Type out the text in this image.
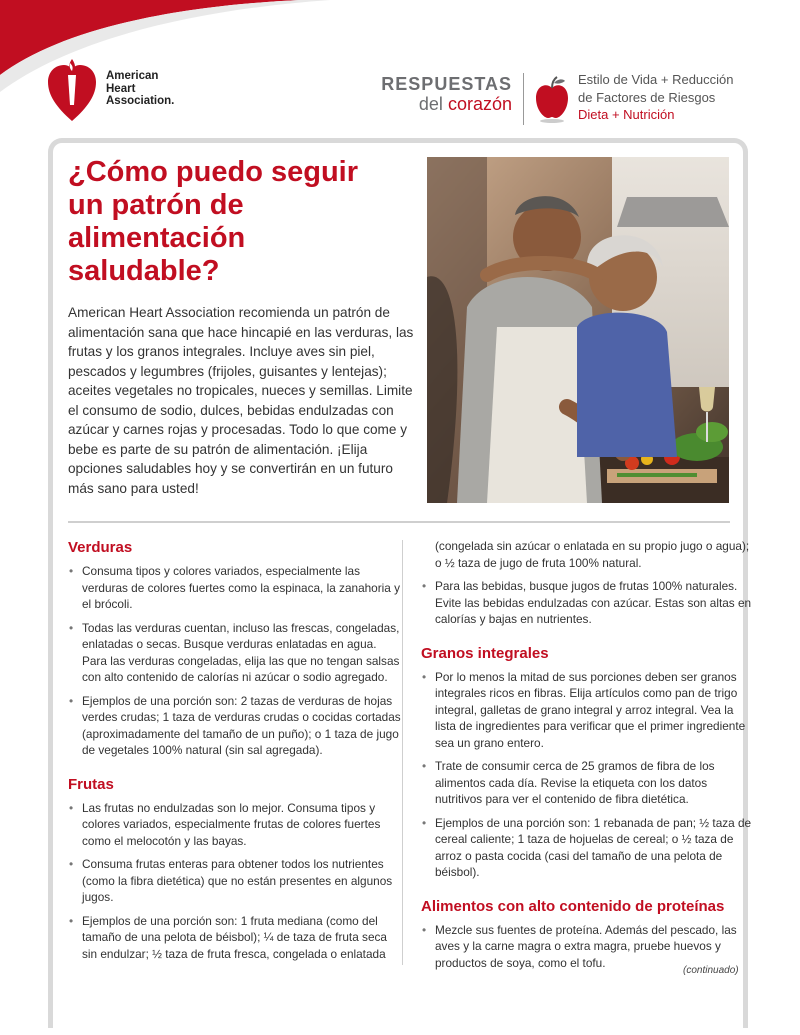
American
Heart
Association.
RESPUESTAS
del corazón
Estilo de Vida + Reducción
de Factores de Riesgos
Dieta + Nutrición
¿Cómo puedo seguir un patrón de alimentación saludable?

American Heart Association recomienda un patrón de alimentación sana que hace hincapié en las verduras, las frutas y los granos integrales. Incluye aves sin piel, pescados y legumbres (frijoles, guisantes y lentejas); aceites vegetales no tropicales, nueces y semillas. Limite el consumo de sodio, dulces, bebidas endulzadas con azúcar y carnes rojas y procesadas. Todo lo que come y bebe es parte de su patrón de alimentación. ¡Elija opciones saludables hoy y se convertirán en un futuro más sano para usted!

Verduras
• Consuma tipos y colores variados, especialmente las verduras de colores fuertes como la espinaca, la zanahoria y el brócoli.
• Todas las verduras cuentan, incluso las frescas, congeladas, enlatadas o secas. Busque verduras enlatadas en agua. Para las verduras congeladas, elija las que no tengan salsas con alto contenido de calorías ni azúcar o sodio agregado.
• Ejemplos de una porción son: 2 tazas de verduras de hojas verdes crudas; 1 taza de verduras crudas o cocidas cortadas (aproximadamente del tamaño de un puño); o 1 taza de jugo de vegetales 100% natural (sin sal agregada).
Frutas
• Las frutas no endulzadas son lo mejor. Consuma tipos y colores variados, especialmente frutas de colores fuertes como el melocotón y las bayas.
• Consuma frutas enteras para obtener todos los nutrientes (como la fibra dietética) que no están presentes en algunos jugos.
• Ejemplos de una porción son: 1 fruta mediana (como del tamaño de una pelota de béisbol); ¼ de taza de fruta seca sin endulzar; ½ taza de fruta fresca, congelada o enlatada
(congelada sin azúcar o enlatada en su propio jugo o agua); o ½ taza de jugo de fruta 100% natural.
• Para las bebidas, busque jugos de frutas 100% naturales. Evite las bebidas endulzadas con azúcar. Estas son altas en calorías y bajas en nutrientes.
Granos integrales
• Por lo menos la mitad de sus porciones deben ser granos integrales ricos en fibras. Elija artículos como pan de trigo integral, galletas de grano integral y arroz integral. Vea la lista de ingredientes para verificar que el primer ingrediente sea un grano entero.
• Trate de consumir cerca de 25 gramos de fibra de los alimentos cada día. Revise la etiqueta con los datos nutritivos para ver el contenido de fibra dietética.
• Ejemplos de una porción son: 1 rebanada de pan; ½ taza de cereal caliente; 1 taza de hojuelas de cereal; o ½ taza de arroz o pasta cocida (casi del tamaño de una pelota de béisbol).
Alimentos con alto contenido de proteínas
• Mezcle sus fuentes de proteína. Además del pescado, las aves y la carne magra o extra magra, pruebe huevos y productos de soya, como el tofu.
(continuado)
